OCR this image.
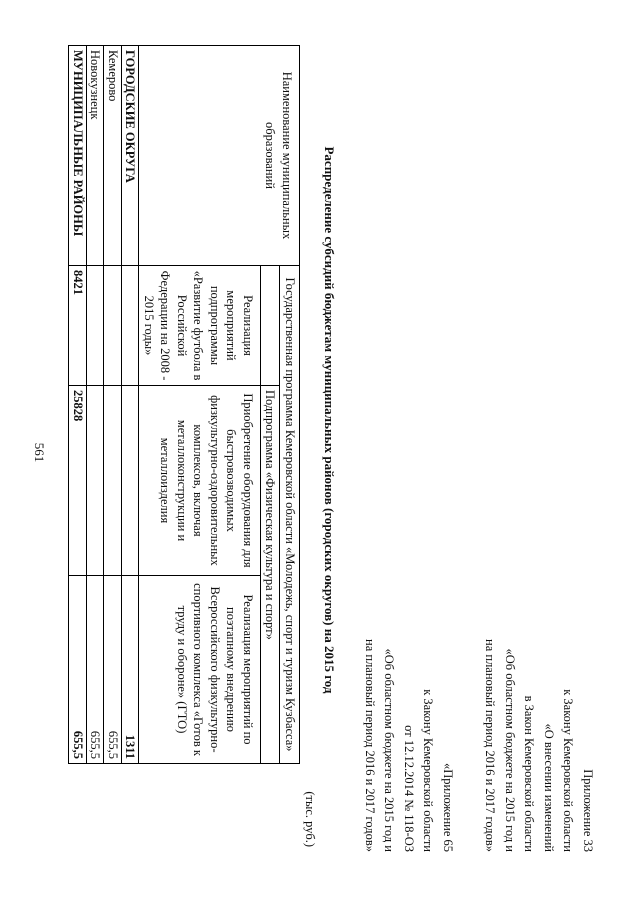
561
Приложение 33
к Закону Кемеровской области
«О внесении изменений
в Закон Кемеровской области
«Об областном бюджете на 2015 год и
на плановый период 2016 и 2017 годов»
«Приложение 65
к Закону Кемеровской области
от 12.12.2014 № 118-ОЗ
«Об областном бюджете на 2015 год и
на плановый период 2016 и 2017 годов»
Распределение субсидий бюджетам муниципальных районов (городских округов) на 2015 год
(тыс. руб.)
Наименование муниципальных образований	Государственная программа Кемеровской области «Молодежь, спорт и туризм Кузбасса»		
		Подпрограмма «Физическая культура и спорт»	
	Реализация мероприятий подпрограммы «Развитие футбола в Российской Федерации на 2008 - 2015 годы»	Приобретение оборудования для быстровозводимых физкультурно-оздоровительных комплексов, включая металлоконструкции и металлоизделия	Реализация мероприятий по поэтапному внедрению Всероссийского физкультурно-спортивного комплекса «Готов к труду и обороне» (ГТО)
ГОРОДСКИЕ ОКРУГА			1311
Кемерово			655,5
Новокузнецк			655,5
МУНИЦИПАЛЬНЫЕ РАЙОНЫ	8421	25828	655,5
